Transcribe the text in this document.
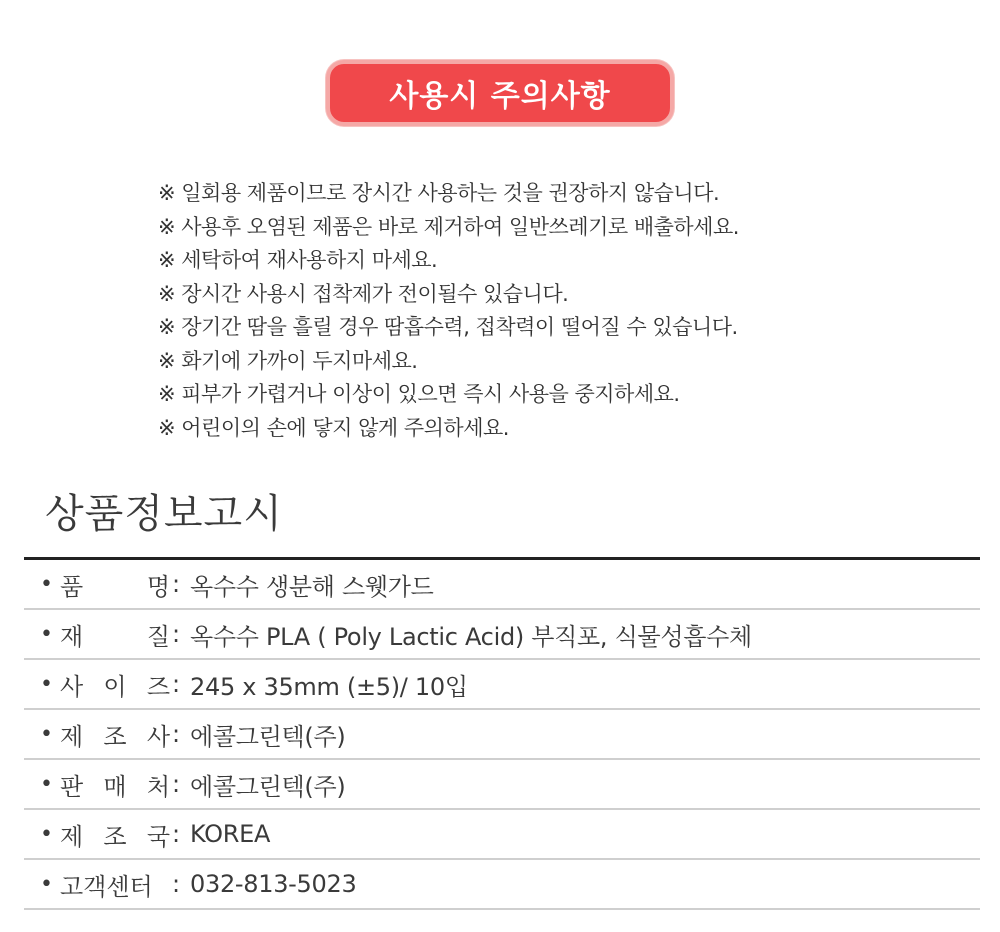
사용시 주의사항
※ 일회용 제품이므로 장시간 사용하는 것을 권장하지 않습니다.
※ 사용후 오염된 제품은 바로 제거하여 일반쓰레기로 배출하세요.
※ 세탁하여 재사용하지 마세요.
※ 장시간 사용시 접착제가 전이될수 있습니다.
※ 장기간 땀을 흘릴 경우 땀흡수력, 접착력이 떨어질 수 있습니다.
※ 화기에 가까이 두지마세요.
※ 피부가 가렵거나 이상이 있으면 즉시 사용을 중지하세요.
※ 어린이의 손에 닿지 않게 주의하세요.
상품정보고시
• 품	명 : 옥수수 생분해 스웻가드
• 재	질 : 옥수수 PLA ( Poly Lactic Acid) 부직포, 식물성흡수체
• 사 이 즈 : 245 x 35mm (±5)/ 10입
• 제 조 사 : 에콜그린텍(주)
• 판 매 처 : 에콜그린텍(주)
• 제 조 국 : KOREA
• 고객센터 : 032-813-5023
